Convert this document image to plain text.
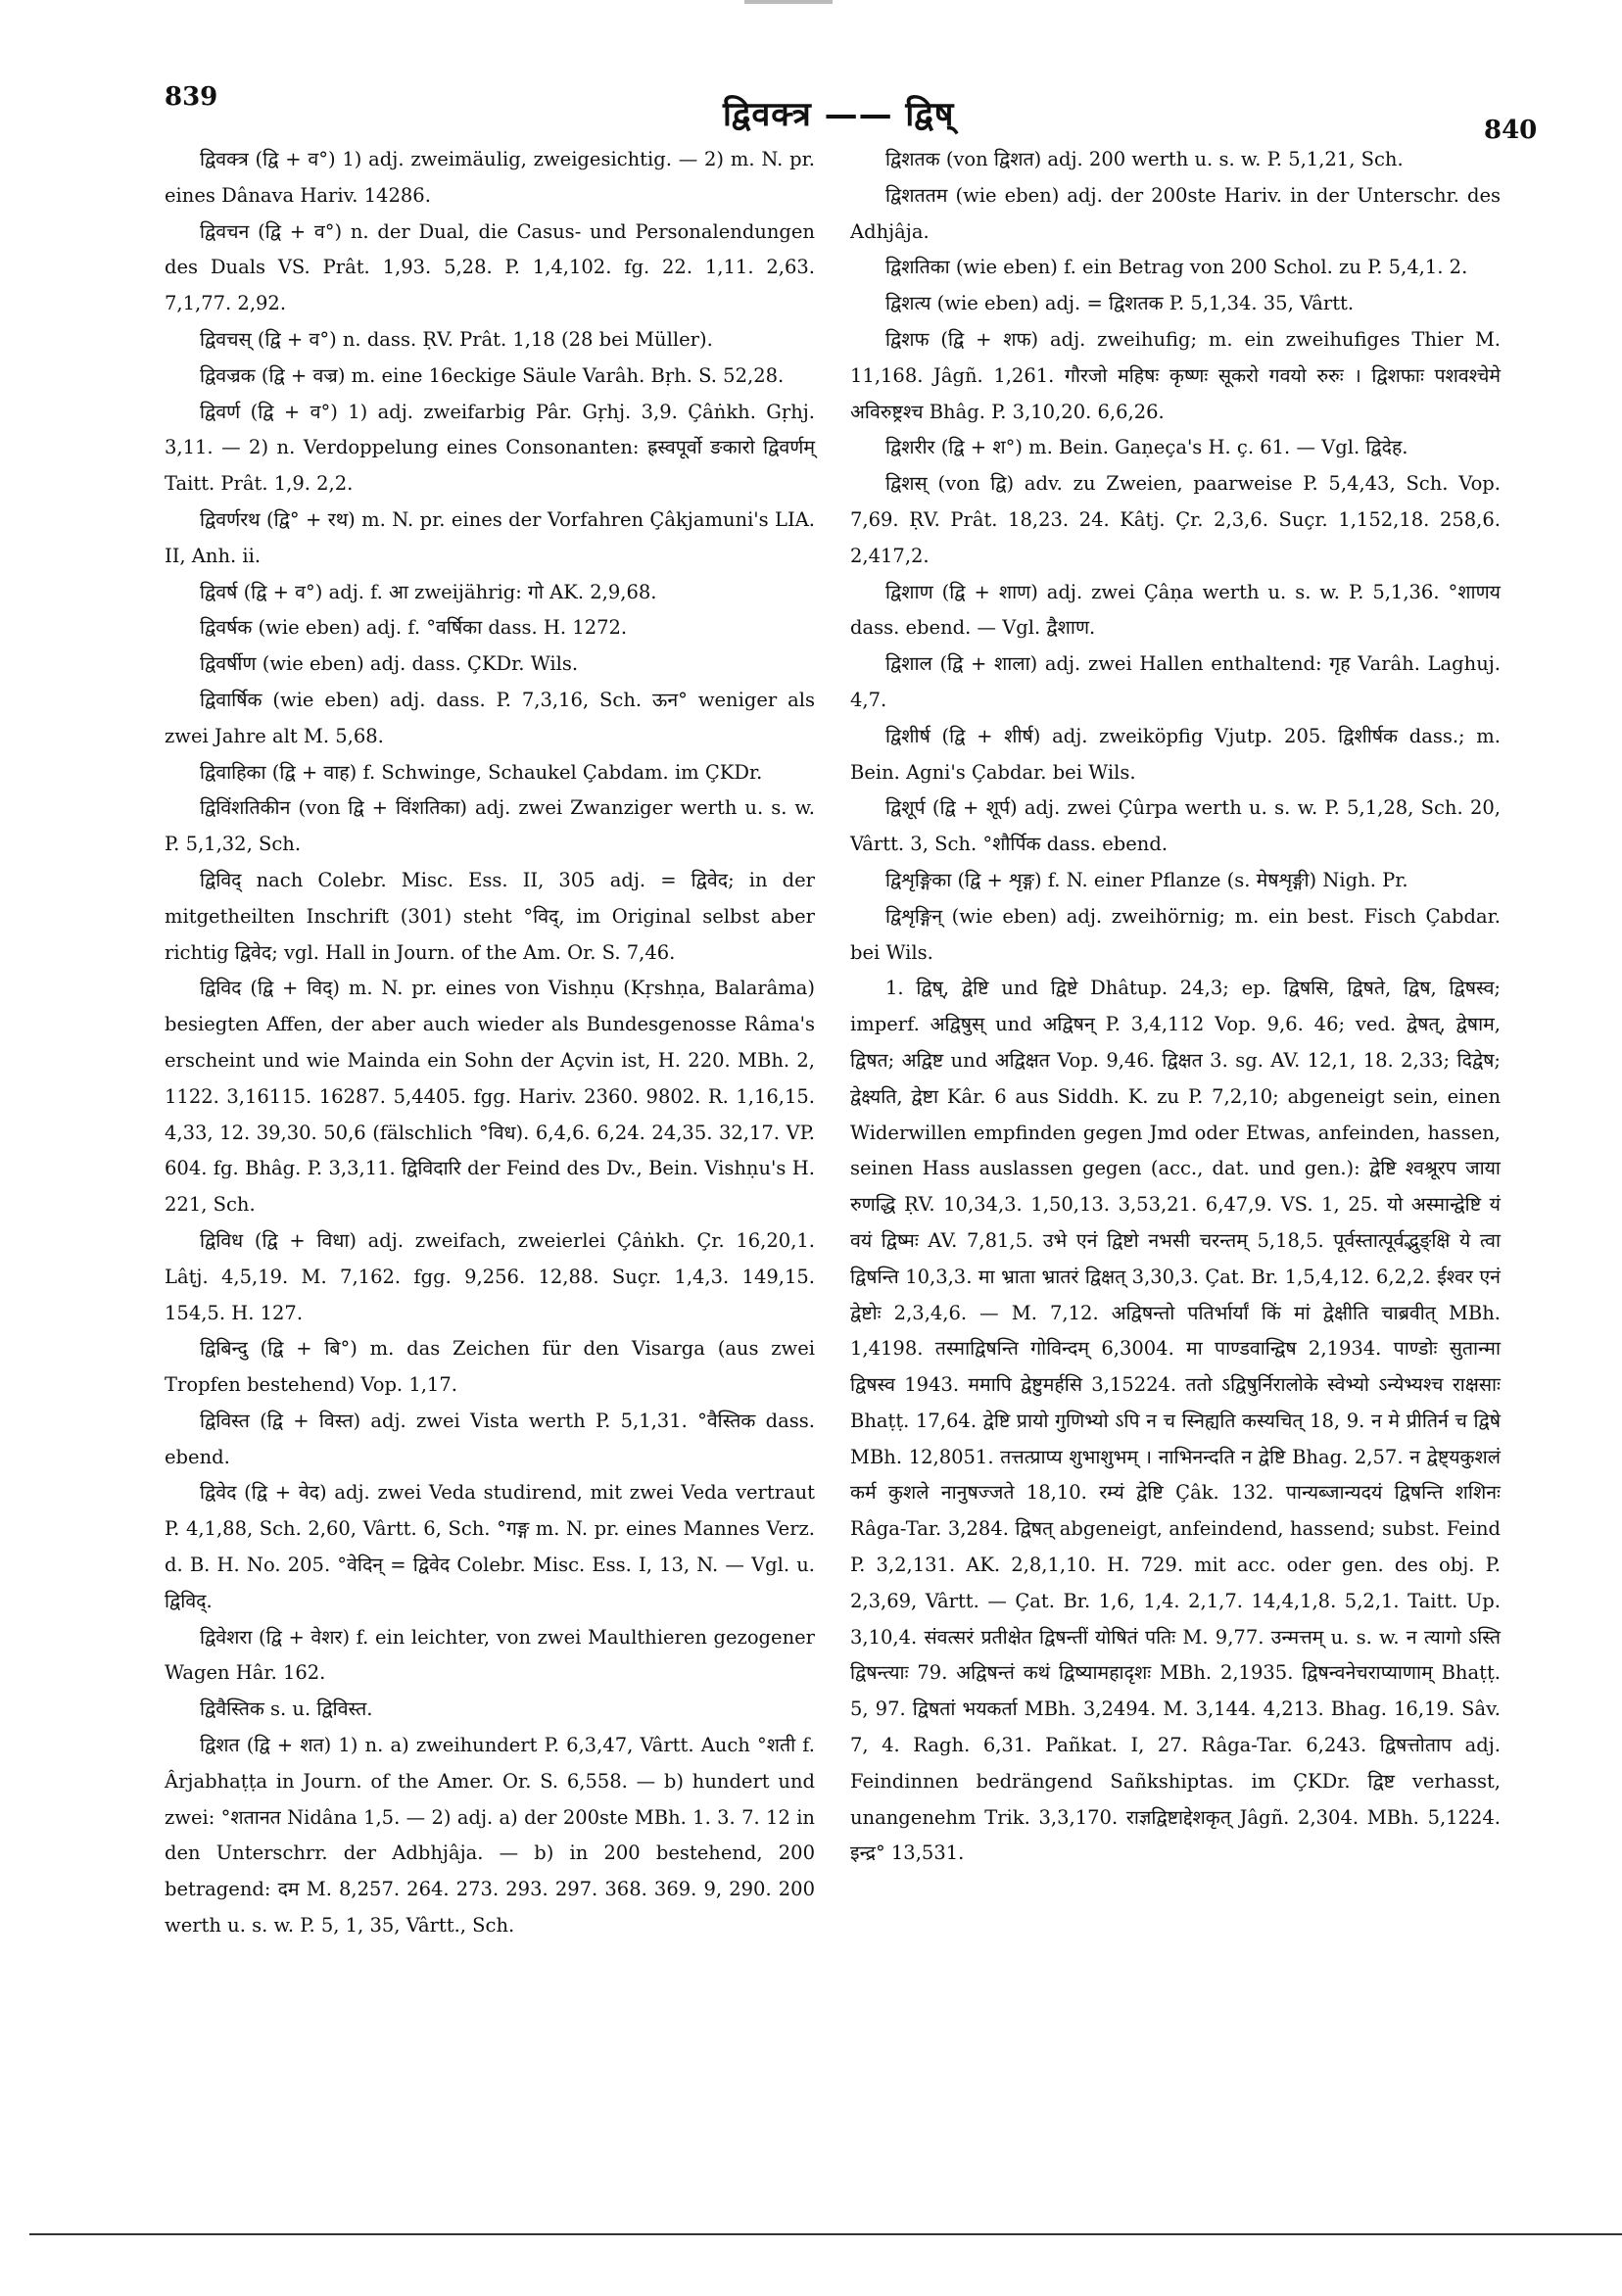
839	द्विवक्त्र —— द्विष्	840

द्विवक्त्र (द्वि + व°) 1) adj. zweimäulig, zweigesichtig. — 2) m. N. pr. eines Dânava Hariv. 14286.

द्विवचन (द्वि + व°) n. der Dual, die Casus- und Personalendungen des Duals VS. Prât. 1,93. 5,28. P. 1,4,102. fg. 22. 1,11. 2,63. 7,1,77. 2,92.

द्विवचस् (द्वि + व°) n. dass. ṚV. Prât. 1,18 (28 bei Müller).

द्विवज्रक (द्वि + वज्र) m. eine 16eckige Säule Varâh. Bṛh. S. 52,28.

द्विवर्ण (द्वि + व°) 1) adj. zweifarbig Pâr. Gṛhj. 3,9. Çâṅkh. Gṛhj. 3,11. — 2) n. Verdoppelung eines Consonanten: ह्रस्वपूर्वो ङकारो द्विवर्णम् Taitt. Prât. 1,9. 2,2.

द्विवर्णरथ (द्वि° + रथ) m. N. pr. eines der Vorfahren Çâkjamuni's LIA. II, Anh. ii.

द्विवर्ष (द्वि + व°) adj. f. आ zweijährig: गो AK. 2,9,68.

द्विवर्षक (wie eben) adj. f. °वर्षिका dass. H. 1272.

द्विवर्षीण (wie eben) adj. dass. ÇKDr. Wils.

द्विवार्षिक (wie eben) adj. dass. P. 7,3,16, Sch. ऊन° weniger als zwei Jahre alt M. 5,68.

द्विवाहिका (द्वि + वाह) f. Schwinge, Schaukel Çabdam. im ÇKDr.

द्विविंशतिकीन (von द्वि + विंशतिका) adj. zwei Zwanziger werth u. s. w. P. 5,1,32, Sch.

द्विविद् nach Colebr. Misc. Ess. II, 305 adj. = द्विवेद; in der mitgetheilten Inschrift (301) steht °विद्, im Original selbst aber richtig द्विवेद; vgl. Hall in Journ. of the Am. Or. S. 7,46.

द्विविद (द्वि + विद्) m. N. pr. eines von Vishṇu (Kṛshṇa, Balarâma) besiegten Affen, der aber auch wieder als Bundesgenosse Râma's erscheint und wie Mainda ein Sohn der Açvin ist, H. 220. MBh. 2, 1122. 3,16115. 16287. 5,4405. fgg. Hariv. 2360. 9802. R. 1,16,15. 4,33, 12. 39,30. 50,6 (fälschlich °विध). 6,4,6. 6,24. 24,35. 32,17. VP. 604. fg. Bhâg. P. 3,3,11. द्विविदारि der Feind des Dv., Bein. Vishṇu's H. 221, Sch.

द्विविध (द्वि + विधा) adj. zweifach, zweierlei Çâṅkh. Çr. 16,20,1. Lâṭj. 4,5,19. M. 7,162. fgg. 9,256. 12,88. Suçr. 1,4,3. 149,15. 154,5. H. 127.

द्विबिन्दु (द्वि + बि°) m. das Zeichen für den Visarga (aus zwei Tropfen bestehend) Vop. 1,17.

द्विविस्त (द्वि + विस्त) adj. zwei Vista werth P. 5,1,31. °वैस्तिक dass. ebend.

द्विवेद (द्वि + वेद) adj. zwei Veda studirend, mit zwei Veda vertraut P. 4,1,88, Sch. 2,60, Vârtt. 6, Sch. °गङ्ग m. N. pr. eines Mannes Verz. d. B. H. No. 205. °वेदिन् = द्विवेद Colebr. Misc. Ess. I, 13, N. — Vgl. u. द्विविद्.

द्विवेशरा (द्वि + वेशर) f. ein leichter, von zwei Maulthieren gezogener Wagen Hâr. 162.

द्विवैस्तिक s. u. द्विविस्त.

द्विशत (द्वि + शत) 1) n. a) zweihundert P. 6,3,47, Vârtt. Auch °शती f. Ârjabhaṭṭa in Journ. of the Amer. Or. S. 6,558. — b) hundert und zwei: °शतानत Nidâna 1,5. — 2) adj. a) der 200ste MBh. 1. 3. 7. 12 in den Unterschrr. der Adbhjâja. — b) in 200 bestehend, 200 betragend: दम M. 8,257. 264. 273. 293. 297. 368. 369. 9, 290. 200 werth u. s. w. P. 5, 1, 35, Vârtt., Sch.

द्विशतक (von द्विशत) adj. 200 werth u. s. w. P. 5,1,21, Sch.

द्विशततम (wie eben) adj. der 200ste Hariv. in der Unterschr. des Adhjâja.

द्विशतिका (wie eben) f. ein Betrag von 200 Schol. zu P. 5,4,1. 2.

द्विशत्य (wie eben) adj. = द्विशतक P. 5,1,34. 35, Vârtt.

द्विशफ (द्वि + शफ) adj. zweihufig; m. ein zweihufiges Thier M. 11,168. Jâgñ. 1,261. गौरजो महिषः कृष्णः सूकरो गवयो रुरुः । द्विशफाः पशवश्चेमे अविरुष्ट्रश्च Bhâg. P. 3,10,20. 6,6,26.

द्विशरीर (द्वि + श°) m. Bein. Gaṇeça's H. ç. 61. — Vgl. द्विदेह.

द्विशस् (von द्वि) adv. zu Zweien, paarweise P. 5,4,43, Sch. Vop. 7,69. ṚV. Prât. 18,23. 24. Kâtj. Çr. 2,3,6. Suçr. 1,152,18. 258,6. 2,417,2.

द्विशाण (द्वि + शाण) adj. zwei Çâṇa werth u. s. w. P. 5,1,36. °शाणय dass. ebend. — Vgl. द्वैशाण.

द्विशाल (द्वि + शाला) adj. zwei Hallen enthaltend: गृह Varâh. Laghuj. 4,7.

द्विशीर्ष (द्वि + शीर्ष) adj. zweiköpfig Vjutp. 205. द्विशीर्षक dass.; m. Bein. Agni's Çabdar. bei Wils.

द्विशूर्प (द्वि + शूर्प) adj. zwei Çûrpa werth u. s. w. P. 5,1,28, Sch. 20, Vârtt. 3, Sch. °शौर्पिक dass. ebend.

द्विशृङ्गिका (द्वि + शृङ्ग) f. N. einer Pflanze (s. मेषशृङ्गी) Nigh. Pr.

द्विशृङ्गिन् (wie eben) adj. zweihörnig; m. ein best. Fisch Çabdar. bei Wils.

1. द्विष्, द्वेष्टि und द्विष्टे Dhâtup. 24,3; ep. द्विषसि, द्विषते, द्विष, द्विषस्व; imperf. अद्विषुस् und अद्विषन् P. 3,4,112 Vop. 9,6. 46; ved. द्वेषत्, द्वेषाम, द्विषत; अद्विष्ट und अद्विक्षत Vop. 9,46. द्विक्षत 3. sg. AV. 12,1, 18. 2,33; दिद्वेष; द्वेक्ष्यति, द्वेष्टा Kâr. 6 aus Siddh. K. zu P. 7,2,10; abgeneigt sein, einen Widerwillen empfinden gegen Jmd oder Etwas, anfeinden, hassen, seinen Hass auslassen gegen (acc., dat. und gen.): द्वेष्टि श्वश्रूरप जाया रुणद्धि ṚV. 10,34,3. 1,50,13. 3,53,21. 6,47,9. VS. 1, 25. यो अस्मान्द्वेष्टि यं वयं द्विष्मः AV. 7,81,5. उभे एनं द्विष्टो नभसी चरन्तम् 5,18,5. पूर्वस्तात्पूर्वद्भुङ्क्षि ये त्वा द्विषन्ति 10,3,3. मा भ्राता भ्रातरं द्विक्षत् 3,30,3. Çat. Br. 1,5,4,12. 6,2,2. ईश्वर एनं द्वेष्टोः 2,3,4,6. — M. 7,12. अद्विषन्तो पतिर्भार्यां किं मां द्वेक्षीति चाब्रवीत् MBh. 1,4198. तस्माद्विषन्ति गोविन्दम् 6,3004. मा पाण्डवान्द्विष 2,1934. पाण्डोः सुतान्मा द्विषस्व 1943. ममापि द्वेष्टुमर्हसि 3,15224. ततो ऽद्विषुर्निरालोके स्वेभ्यो ऽन्येभ्यश्च राक्षसाः Bhaṭṭ. 17,64. द्वेष्टि प्रायो गुणिभ्यो ऽपि न च स्निह्यति कस्यचित् 18, 9. न मे प्रीतिर्न च द्विषे MBh. 12,8051. तत्तत्प्राप्य शुभाशुभम् । नाभिनन्दति न द्वेष्टि Bhag. 2,57. न द्वेष्ट्यकुशलं कर्म कुशले नानुषज्जते 18,10. रम्यं द्वेष्टि Çâk. 132. पान्यब्जान्यदयं द्विषन्ति शशिनः Râga-Tar. 3,284. द्विषत् abgeneigt, anfeindend, hassend; subst. Feind P. 3,2,131. AK. 2,8,1,10. H. 729. mit acc. oder gen. des obj. P. 2,3,69, Vârtt. — Çat. Br. 1,6, 1,4. 2,1,7. 14,4,1,8. 5,2,1. Taitt. Up. 3,10,4. संवत्सरं प्रतीक्षेत द्विषन्तीं योषितं पतिः M. 9,77. उन्मत्तम् u. s. w. न त्यागो ऽस्ति द्विषन्त्याः 79. अद्विषन्तं कथं द्विष्यामहादृशः MBh. 2,1935. द्विषन्वनेचराप्याणाम् Bhaṭṭ. 5, 97. द्विषतां भयकर्ता MBh. 3,2494. M. 3,144. 4,213. Bhag. 16,19. Sâv. 7, 4. Ragh. 6,31. Pañkat. I, 27. Râga-Tar. 6,243. द्विषत्तोताप adj. Feindinnen bedrängend Sañkshiptas. im ÇKDr. द्विष्ट verhasst, unangenehm Trik. 3,3,170. राज्ञद्विष्टाद्देशकृत् Jâgñ. 2,304. MBh. 5,1224. इन्द्र° 13,531.
